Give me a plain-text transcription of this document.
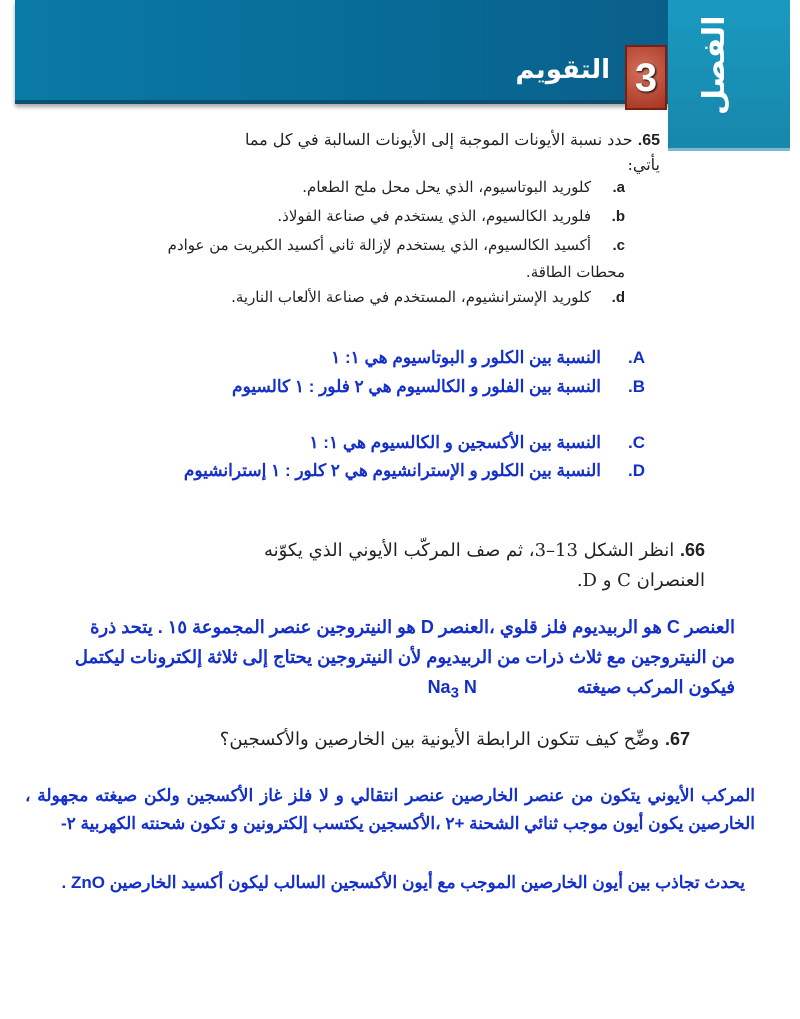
الفصل
3
التقويم
65. حدد نسبة الأيونات الموجبة إلى الأيونات السالبة في كل مما يأتي:
a.كلوريد البوتاسيوم، الذي يحل محل ملح الطعام.
b.فلوريد الكالسيوم، الذي يستخدم في صناعة الفولاذ.
c.أكسيد الكالسيوم، الذي يستخدم لإزالة ثاني أكسيد الكبريت من عوادم محطات الطاقة.
d.كلوريد الإسترانشيوم، المستخدم في صناعة الألعاب النارية.
A.النسبة بين الكلور و البوتاسيوم هي ١: ١
B.النسبة بين الفلور و الكالسيوم هي ٢ فلور : ١ كالسيوم
C.النسبة بين الأكسجين و الكالسيوم هي ١: ١
D.النسبة بين الكلور و الإسترانشيوم هي ٢ كلور : ١ إسترانشيوم
66. انظر الشكل 13–3، ثم صف المركّب الأيوني الذي يكوّنه العنصران C و D.
العنصر C هو الربيديوم فلز قلوي ،العنصر D هو النيتروجين عنصر المجموعة ١٥ . يتحد ذرة من النيتروجين مع ثلاث ذرات من الربيديوم لأن النيتروجين يحتاج إلى ثلاثة إلكترونات ليكتمل فيكون المركب صيغته  $Na_3$ N
67. وضِّح كيف تتكون الرابطة الأيونية بين الخارصين والأكسجين؟
المركب الأيوني يتكون من عنصر الخارصين عنصر انتقالي و لا فلز غاز الأكسجين ولكن صيغته مجهولة ، الخارصين يكون أيون موجب ثنائي الشحنة ‎+٢‎ ،الأكسجين يكتسب إلكترونين و تكون شحنته الكهربية ٢-
يحدث تجاذب بين أيون الخارصين الموجب مع أيون الأكسجين السالب ليكون أكسيد الخارصين ZnO .
